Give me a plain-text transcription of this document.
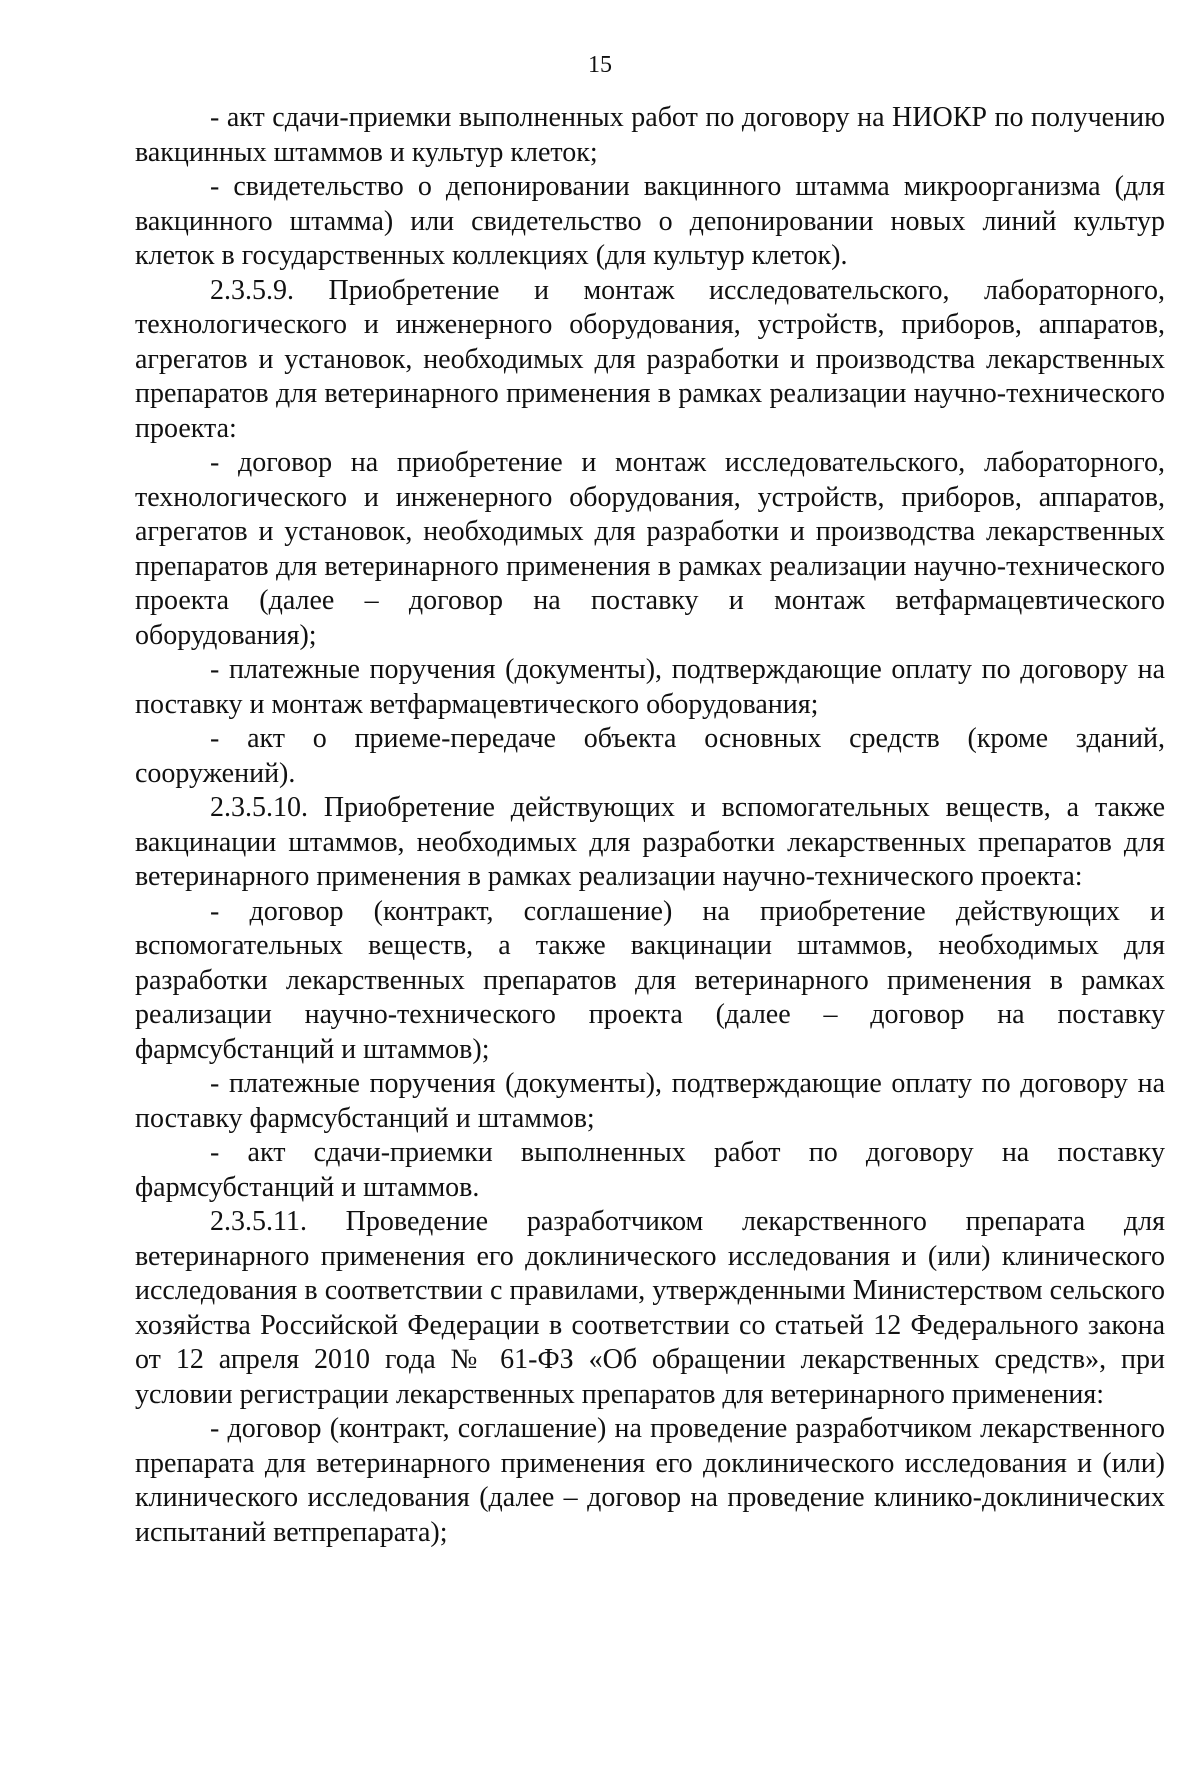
15

- акт сдачи-приемки выполненных работ по договору на НИОКР по получению вакцинных штаммов и культур клеток;

- свидетельство о депонировании вакцинного штамма микроорганизма (для вакцинного штамма) или свидетельство о депонировании новых линий культур клеток в государственных коллекциях (для культур клеток).

2.3.5.9. Приобретение и монтаж исследовательского, лабораторного, технологического и инженерного оборудования, устройств, приборов, аппаратов, агрегатов и установок, необходимых для разработки и производства лекарственных препаратов для ветеринарного применения в рамках реализации научно-технического проекта:

- договор на приобретение и монтаж исследовательского, лабораторного, технологического и инженерного оборудования, устройств, приборов, аппаратов, агрегатов и установок, необходимых для разработки и производства лекарственных препаратов для ветеринарного применения в рамках реализации научно-технического проекта (далее – договор на поставку и монтаж ветфармацевтического оборудования);

- платежные поручения (документы), подтверждающие оплату по договору на поставку и монтаж ветфармацевтического оборудования;

- акт о приеме-передаче объекта основных средств (кроме зданий, сооружений).

2.3.5.10. Приобретение действующих и вспомогательных веществ, а также вакцинации штаммов, необходимых для разработки лекарственных препаратов для ветеринарного применения в рамках реализации научно-технического проекта:

- договор (контракт, соглашение) на приобретение действующих и вспомогательных веществ, а также вакцинации штаммов, необходимых для разработки лекарственных препаратов для ветеринарного применения в рамках реализации научно-технического проекта (далее – договор на поставку фармсубстанций и штаммов);

- платежные поручения (документы), подтверждающие оплату по договору на поставку фармсубстанций и штаммов;

- акт сдачи-приемки выполненных работ по договору на поставку фармсубстанций и штаммов.

2.3.5.11. Проведение разработчиком лекарственного препарата для ветеринарного применения его доклинического исследования и (или) клинического исследования в соответствии с правилами, утвержденными Министерством сельского хозяйства Российской Федерации в соответствии со статьей 12 Федерального закона от 12 апреля 2010 года № 61-ФЗ «Об обращении лекарственных средств», при условии регистрации лекарственных препаратов для ветеринарного применения:

- договор (контракт, соглашение) на проведение разработчиком лекарственного препарата для ветеринарного применения его доклинического исследования и (или) клинического исследования (далее – договор на проведение клинико-доклинических испытаний ветпрепарата);
